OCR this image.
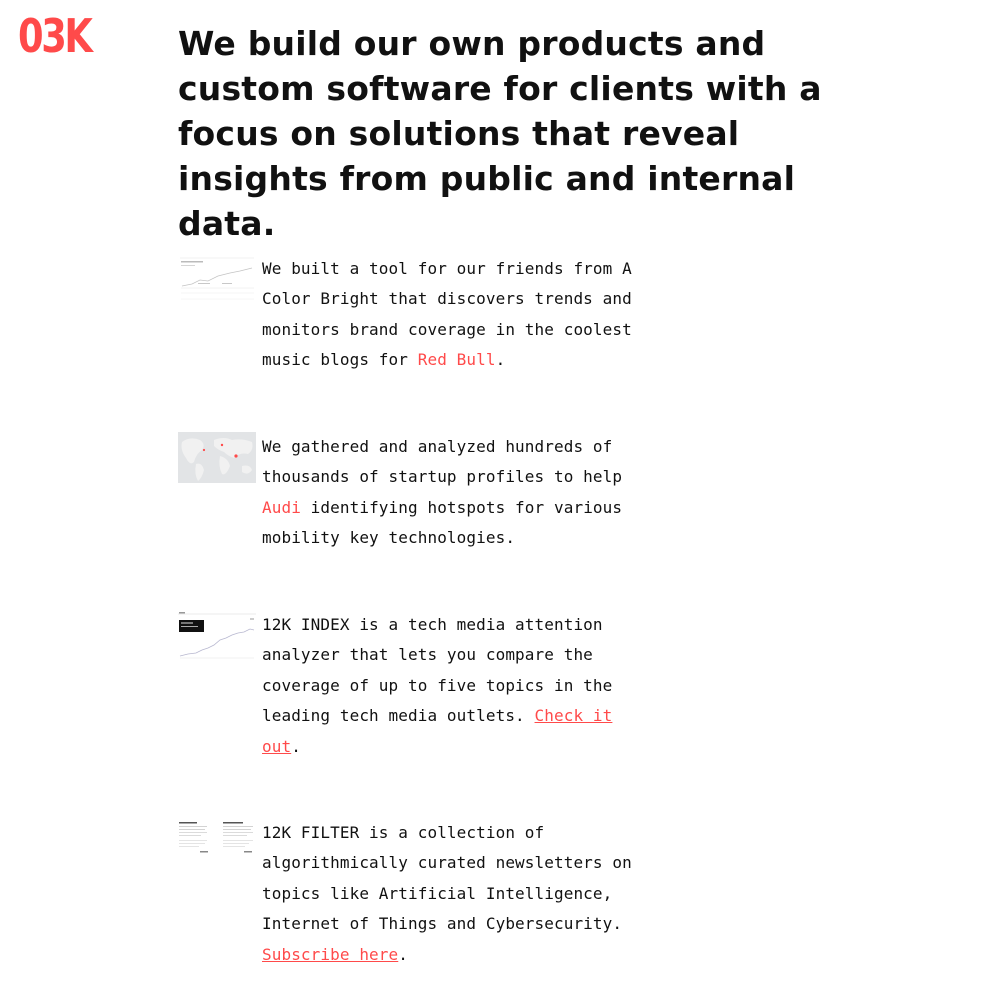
03K	We build our own products and custom software for clients with a focus on solutions that reveal insights from public and internal data.

We built a tool for our friends from A Color Bright that discovers trends and monitors brand coverage in the coolest music blogs for Red Bull.

We gathered and analyzed hundreds of thousands of startup profiles to help Audi identifying hotspots for various mobility key technologies.

12K INDEX is a tech media attention analyzer that lets you compare the coverage of up to five topics in the leading tech media outlets. Check it out.

12K FILTER is a collection of algorithmically curated newsletters on topics like Artificial Intelligence, Internet of Things and Cybersecurity. Subscribe here.
